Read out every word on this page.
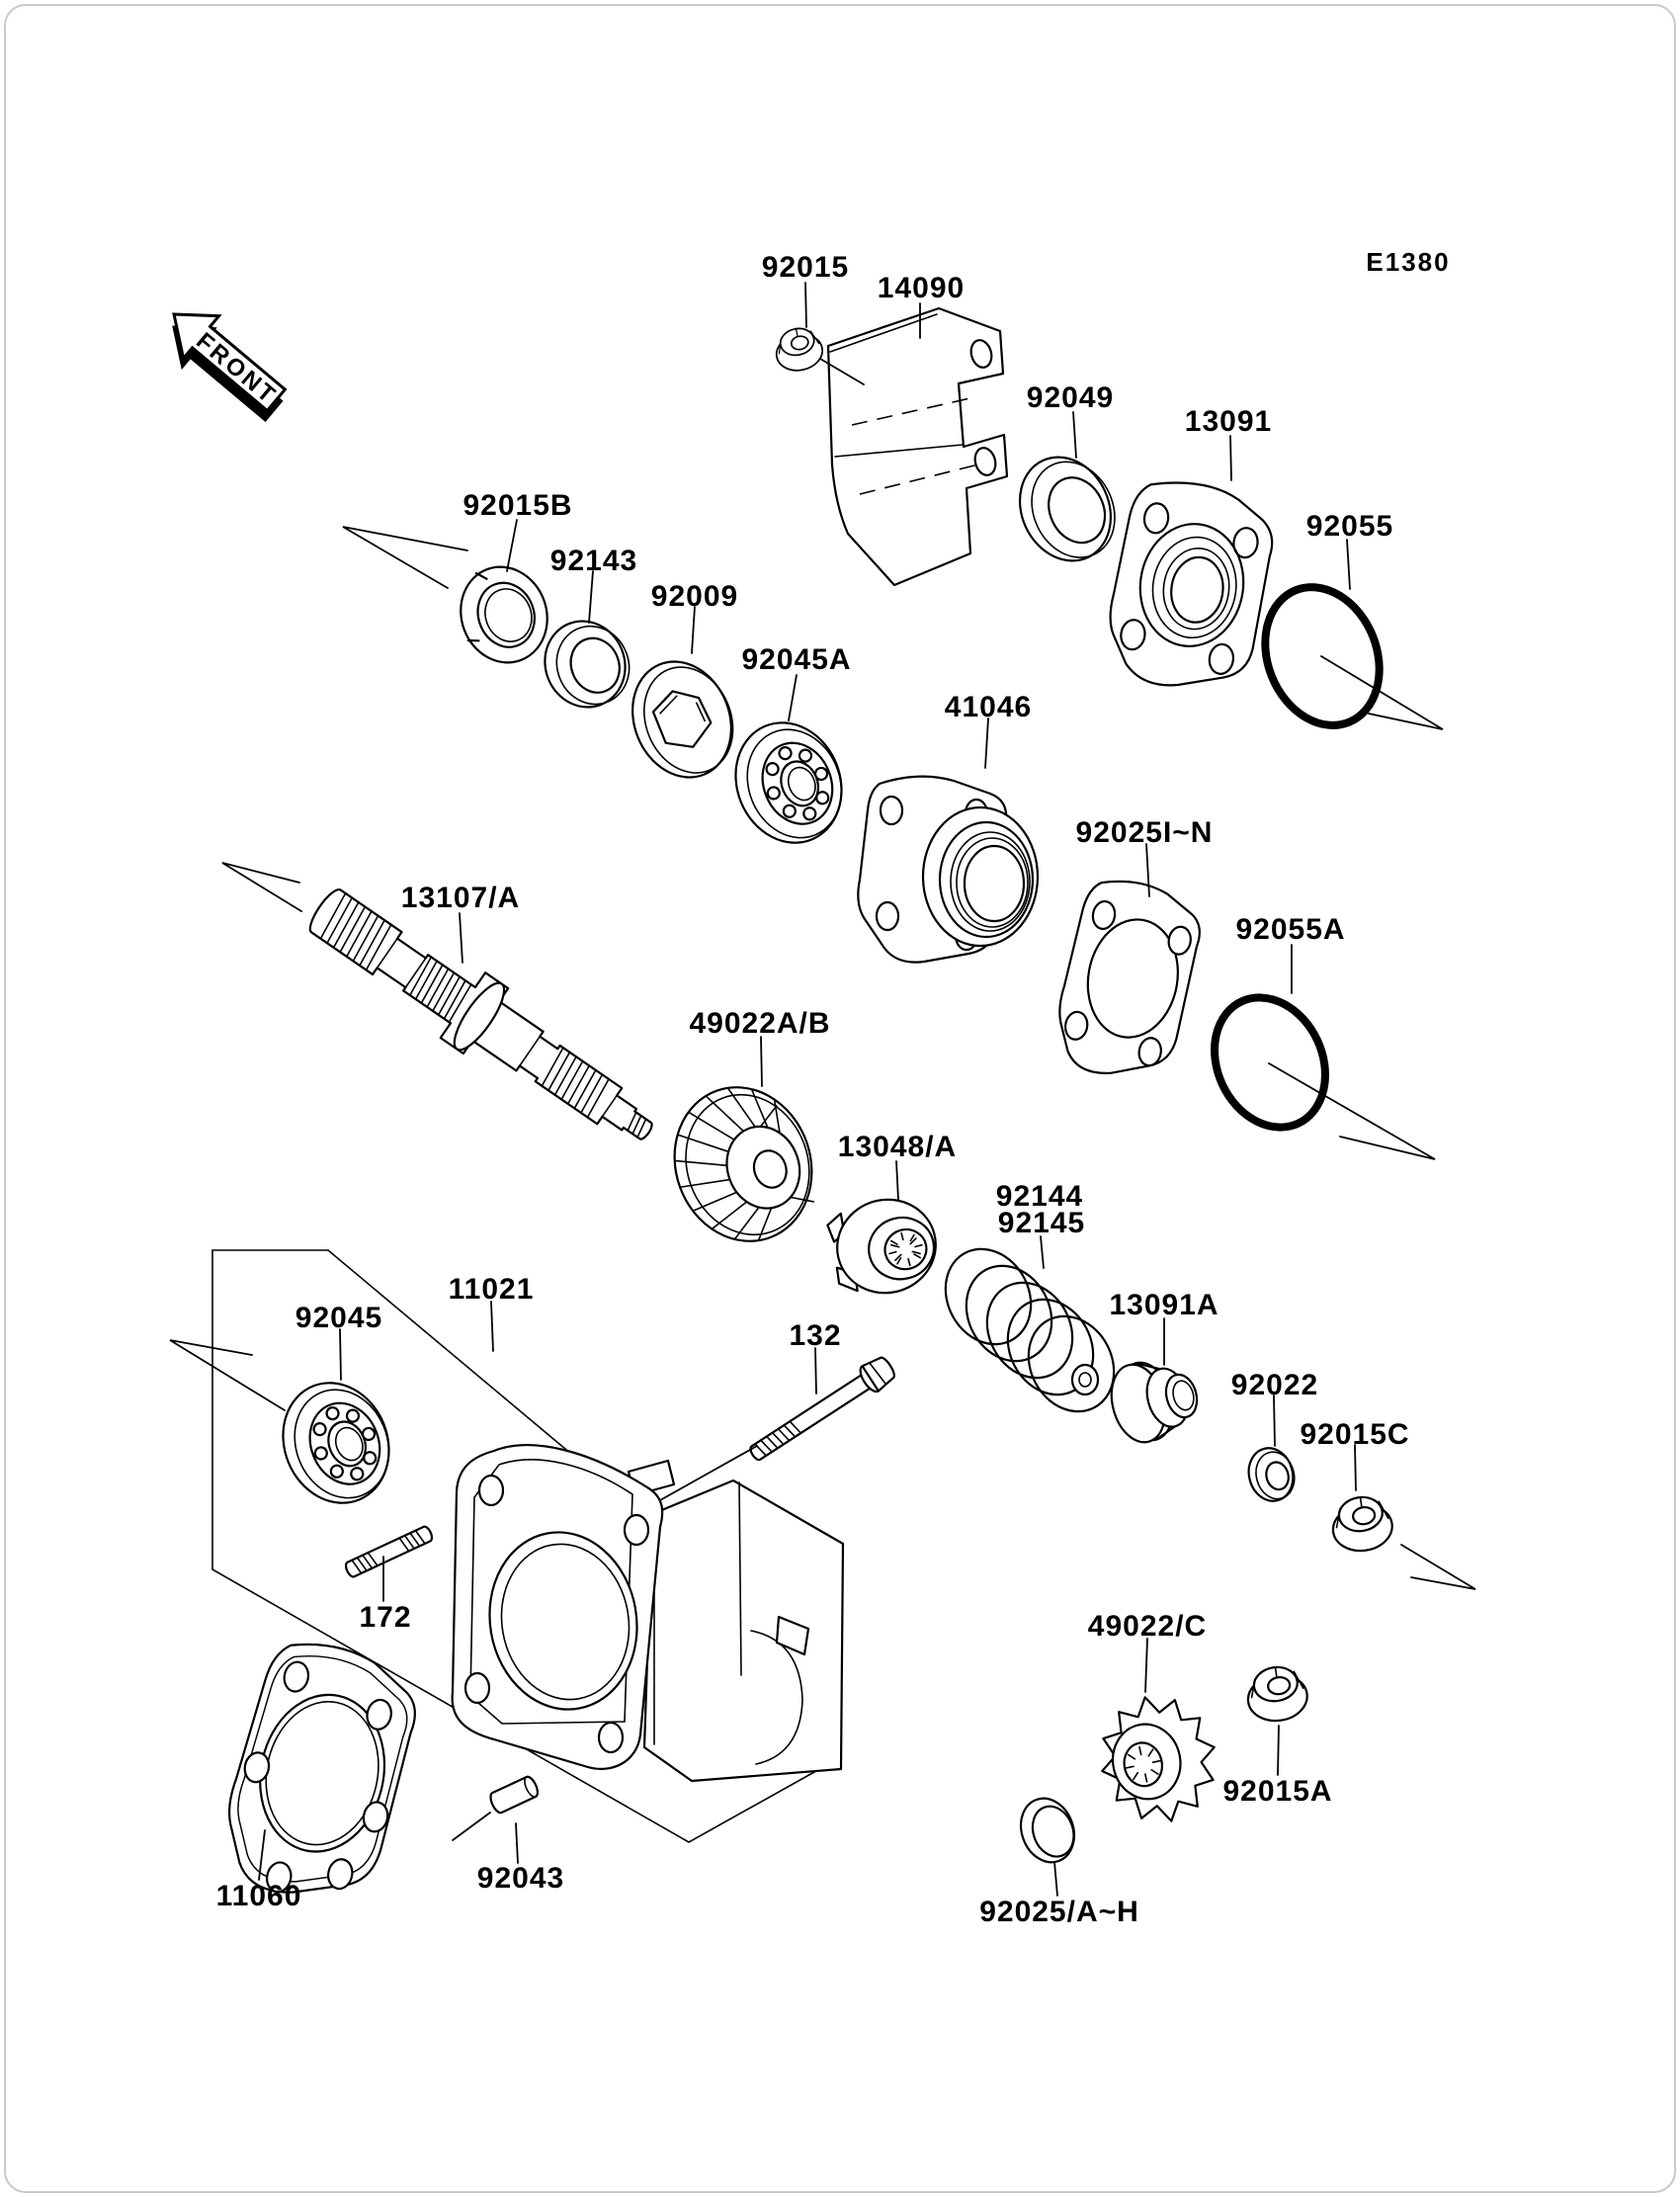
FRONT
92015
14090
92049
13091
92055
92015B
92143
92009
92045A
41046
92025I~N
92055A
13107/A
49022A/B
13048/A
92144
92145
13091A
92022
92015C
92045
11021
132
172
11060
92043
49022/C
92015A
92025/A~H
E1380
